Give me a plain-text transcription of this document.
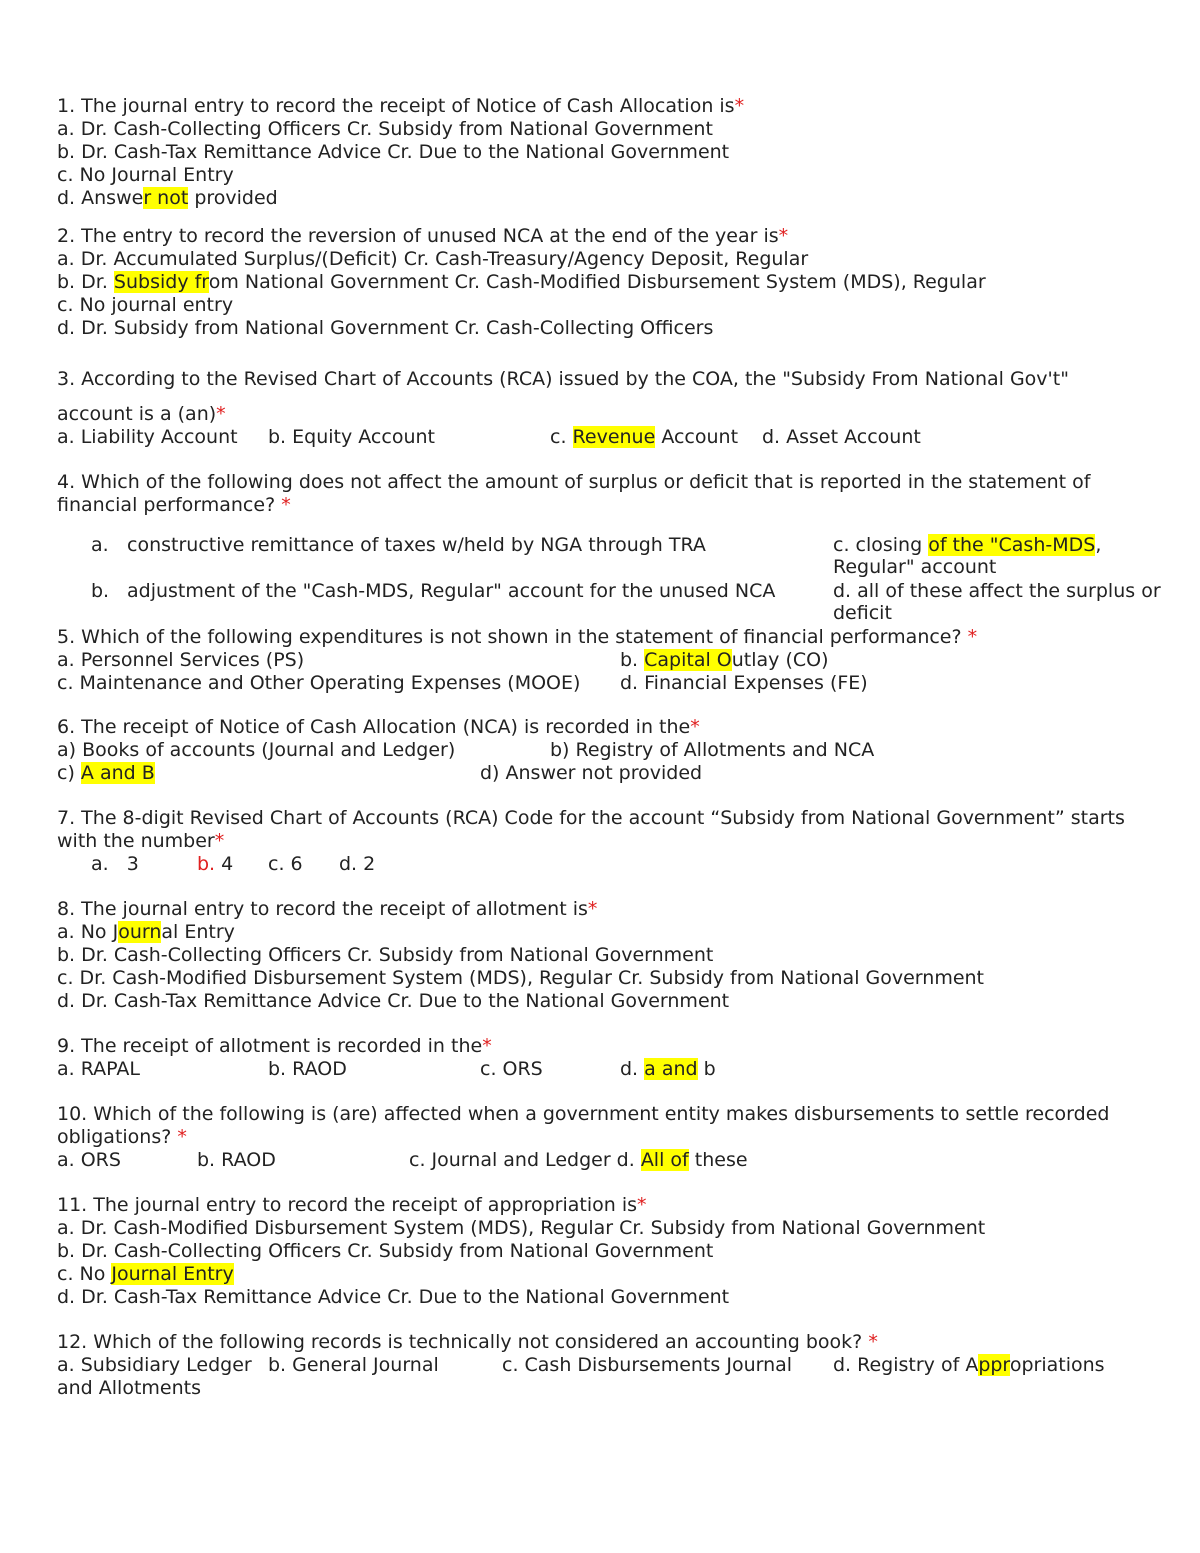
1. The journal entry to record the receipt of Notice of Cash Allocation is*
a. Dr. Cash-Collecting Officers Cr. Subsidy from National Government
b. Dr. Cash-Tax Remittance Advice Cr. Due to the National Government
c. No Journal Entry
d. Answer not provided
2. The entry to record the reversion of unused NCA at the end of the year is*
a. Dr. Accumulated Surplus/(Deficit) Cr. Cash-Treasury/Agency Deposit, Regular
b. Dr. Subsidy from National Government Cr. Cash-Modified Disbursement System (MDS), Regular
c. No journal entry
d. Dr. Subsidy from National Government Cr. Cash-Collecting Officers
3. According to the Revised Chart of Accounts (RCA) issued by the COA, the "Subsidy From National Gov't"
account is a (an)*
a. Liability Account b. Equity Account	c. Revenue Account d. Asset Account
4. Which of the following does not affect the amount of surplus or deficit that is reported in the statement of financial performance? *
a. constructive remittance of taxes w/held by NGA through TRA	c. closing of the "Cash-MDS, Regular" account
b. adjustment of the "Cash-MDS, Regular" account for the unused NCA	d. all of these affect the surplus or deficit
5. Which of the following expenditures is not shown in the statement of financial performance? *
a. Personnel Services (PS)	b. Capital Outlay (CO)
c. Maintenance and Other Operating Expenses (MOOE) d. Financial Expenses (FE)
6. The receipt of Notice of Cash Allocation (NCA) is recorded in the*
a) Books of accounts (Journal and Ledger)	b) Registry of Allotments and NCA
c) A and B	d) Answer not provided
7. The 8-digit Revised Chart of Accounts (RCA) Code for the account “Subsidy from National Government” starts with the number*
a.   3	b. 4 c. 6 d. 2
8. The journal entry to record the receipt of allotment is*
a. No Journal Entry
b. Dr. Cash-Collecting Officers Cr. Subsidy from National Government
c. Dr. Cash-Modified Disbursement System (MDS), Regular Cr. Subsidy from National Government
d. Dr. Cash-Tax Remittance Advice Cr. Due to the National Government
9. The receipt of allotment is recorded in the*
a. RAPAL	b. RAOD	c. ORS	d. a and b
10. Which of the following is (are) affected when a government entity makes disbursements to settle recorded obligations? *
a. ORS	b. RAOD	c. Journal and Ledger d. All of these
11. The journal entry to record the receipt of appropriation is*
a. Dr. Cash-Modified Disbursement System (MDS), Regular Cr. Subsidy from National Government
b. Dr. Cash-Collecting Officers Cr. Subsidy from National Government
c. No Journal Entry
d. Dr. Cash-Tax Remittance Advice Cr. Due to the National Government
12. Which of the following records is technically not considered an accounting book? *
a. Subsidiary Ledger b. General Journal	c. Cash Disbursements Journal d. Registry of Appropriations
and Allotments
